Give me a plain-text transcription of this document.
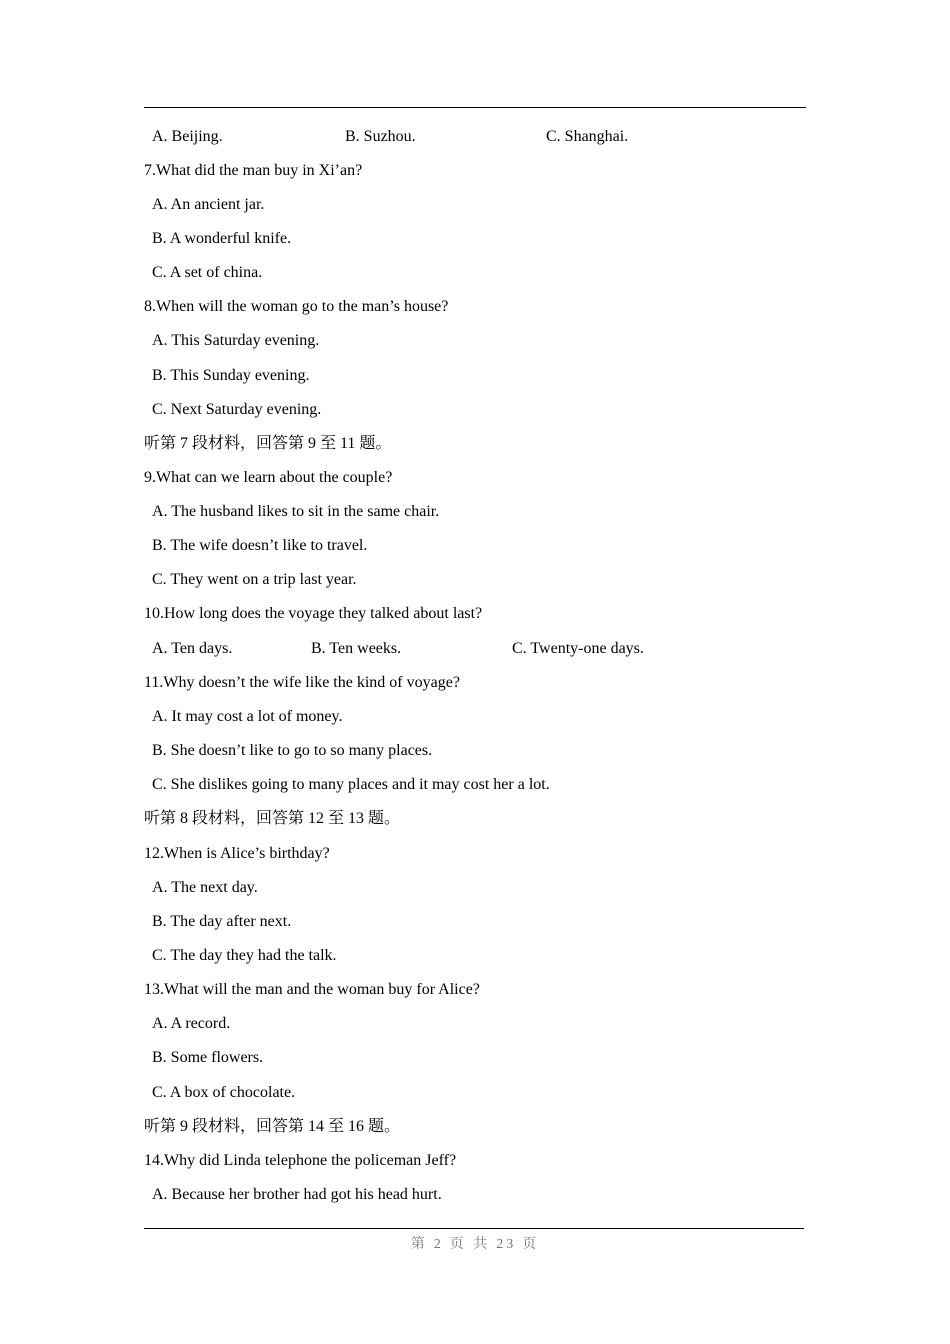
A. Beijing.	B. Suzhou.	C. Shanghai.
7.What did the man buy in Xi’an?
A. An ancient jar.
B. A wonderful knife.
C. A set of china.
8.When will the woman go to the man’s house?
A. This Saturday evening.
B. This Sunday evening.
C. Next Saturday evening.
听第 7 段材料，回答第 9 至 11 题。
9.What can we learn about the couple?
A. The husband likes to sit in the same chair.
B. The wife doesn’t like to travel.
C. They went on a trip last year.
10.How long does the voyage they talked about last?
A. Ten days.	B. Ten weeks.	C. Twenty-one days.
11.Why doesn’t the wife like the kind of voyage?
A. It may cost a lot of money.
B. She doesn’t like to go to so many places.
C. She dislikes going to many places and it may cost her a lot.
听第 8 段材料，回答第 12 至 13 题。
12.When is Alice’s birthday?
A. The next day.
B. The day after next.
C. The day they had the talk.
13.What will the man and the woman buy for Alice?
A. A record.
B. Some flowers.
C. A box of chocolate.
听第 9 段材料，回答第 14 至 16 题。
14.Why did Linda telephone the policeman Jeff?
A. Because her brother had got his head hurt.
第 2 页 共 23 页
